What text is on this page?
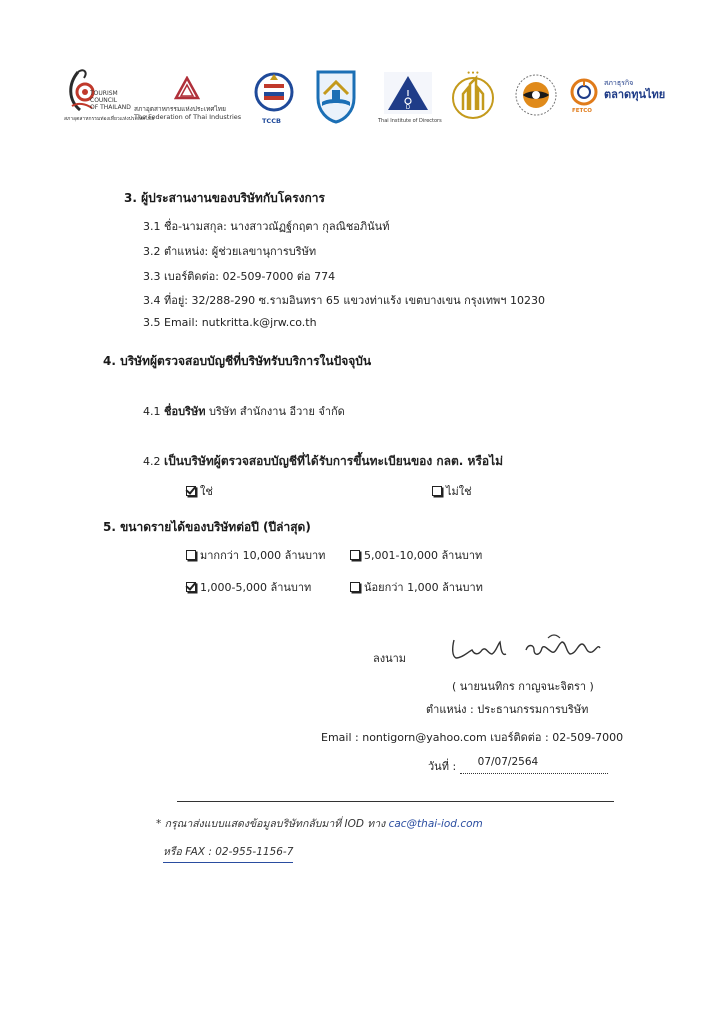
TOURISM
COUNCIL
OF THAILAND
สภาอุตสาหกรรมท่องเที่ยวแห่งประเทศไทย
สภาอุตสาหกรรมแห่งประเทศไทย
The Federation of Thai Industries	TCCB
I
D
Thai Institute of Directors
● ● ●
FETCO
สภาธุรกิจ
ตลาดทุนไทย
3. ผู้ประสานงานของบริษัทกับโครงการ
3.1 ชื่อ-นามสกุล: นางสาวณัฏฐ์กฤตา กุลณิชอภินันท์
3.2 ตำแหน่ง: ผู้ช่วยเลขานุการบริษัท
3.3 เบอร์ติดต่อ: 02-509-7000 ต่อ 774
3.4 ที่อยู่: 32/288-290 ซ.รามอินทรา 65 แขวงท่าแร้ง เขตบางเขน กรุงเทพฯ 10230
3.5 Email: nutkritta.k@jrw.co.th
4. บริษัทผู้ตรวจสอบบัญชีที่บริษัทรับบริการในปัจจุบัน
4.1 ชื่อบริษัท บริษัท สำนักงาน อีวาย จำกัด
4.2 เป็นบริษัทผู้ตรวจสอบบัญชีที่ได้รับการขึ้นทะเบียนของ กลต. หรือไม่
ใช่	ไม่ใช่
5. ขนาดรายได้ของบริษัทต่อปี (ปีล่าสุด)
มากกว่า 10,000 ล้านบาท	5,001-10,000 ล้านบาท
1,000-5,000 ล้านบาท	น้อยกว่า 1,000 ล้านบาท
ลงนาม
( นายนนทิกร กาญจนะจิตรา )
ตำแหน่ง : ประธานกรรมการบริษัท
Email : nontigorn@yahoo.com เบอร์ติดต่อ : 02-509-7000
วันที่ : 07/07/2564

* กรุณาส่งแบบแสดงข้อมูลบริษัทกลับมาที่ IOD ทาง cac@thai-iod.com
หรือ FAX : 02-955-1156-7
